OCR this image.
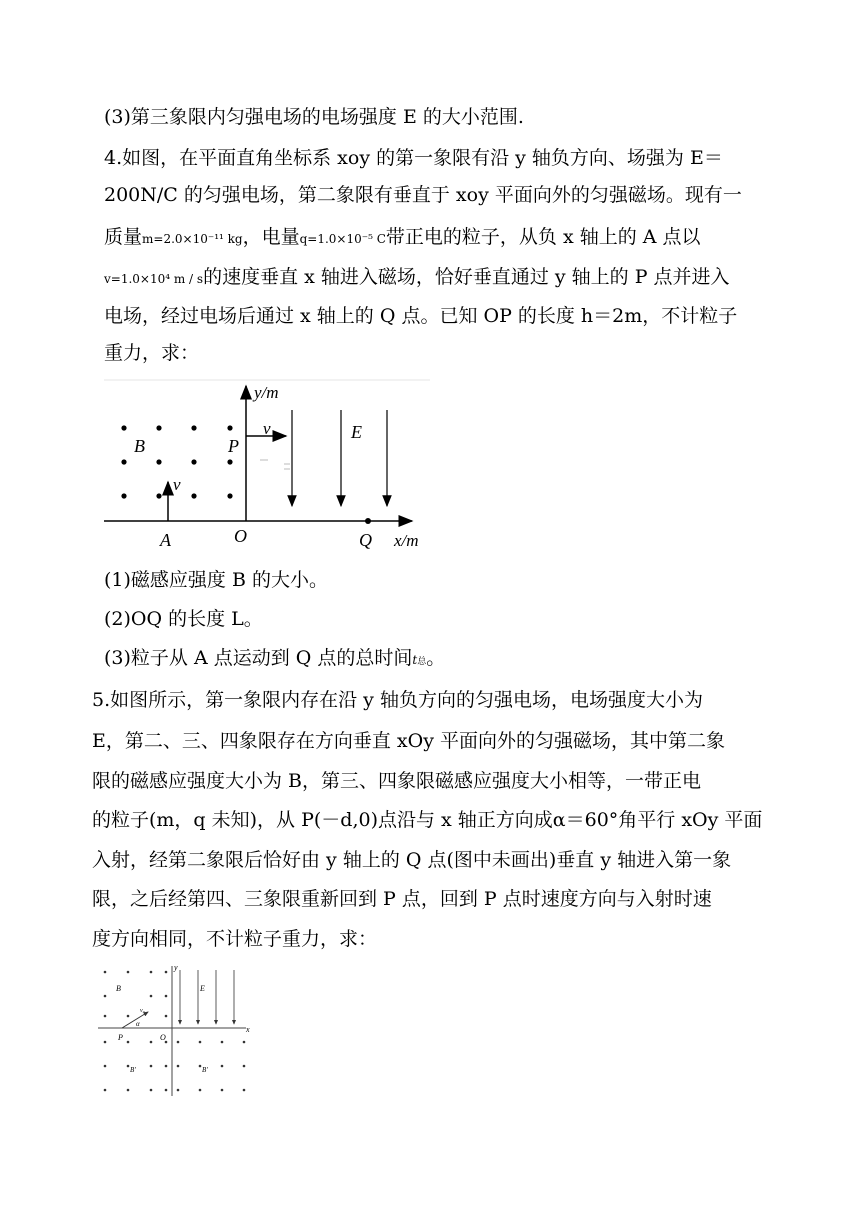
(3)第三象限内匀强电场的电场强度 E 的大小范围.
4.如图，在平面直角坐标系 xoy 的第一象限有沿 y 轴负方向、场强为 E＝
200N/C 的匀强电场，第二象限有垂直于 xoy 平面向外的匀强磁场。现有一
质量m=2.0×10⁻¹¹ kg，电量q=1.0×10⁻⁵ C带正电的粒子，从负 x 轴上的 A 点以
v=1.0×10⁴ m / s的速度垂直 x 轴进入磁场，恰好垂直通过 y 轴上的 P 点并进入
电场，经过电场后通过 x 轴上的 Q 点。已知 OP 的长度 h＝2m，不计粒子
重力，求：
y/m
x/m
B	P
v
v
E
A	O	Q
(1)磁感应强度 B 的大小。
(2)OQ 的长度 L。
(3)粒子从 A 点运动到 Q 点的总时间t总。
5.如图所示，第一象限内存在沿 y 轴负方向的匀强电场，电场强度大小为
E，第二、三、四象限存在方向垂直 xOy 平面向外的匀强磁场，其中第二象
限的磁感应强度大小为 B，第三、四象限磁感应强度大小相等，一带正电
的粒子(m，q 未知)，从 P(－d,0)点沿与 x 轴正方向成α＝60°角平行 xOy 平面
入射，经第二象限后恰好由 y 轴上的 Q 点(图中未画出)垂直 y 轴进入第一象
限，之后经第四、三象限重新回到 P 点，回到 P 点时速度方向与入射时速
度方向相同，不计粒子重力，求：
y
x
B	E
v₀
α
P	O
B'	B'
